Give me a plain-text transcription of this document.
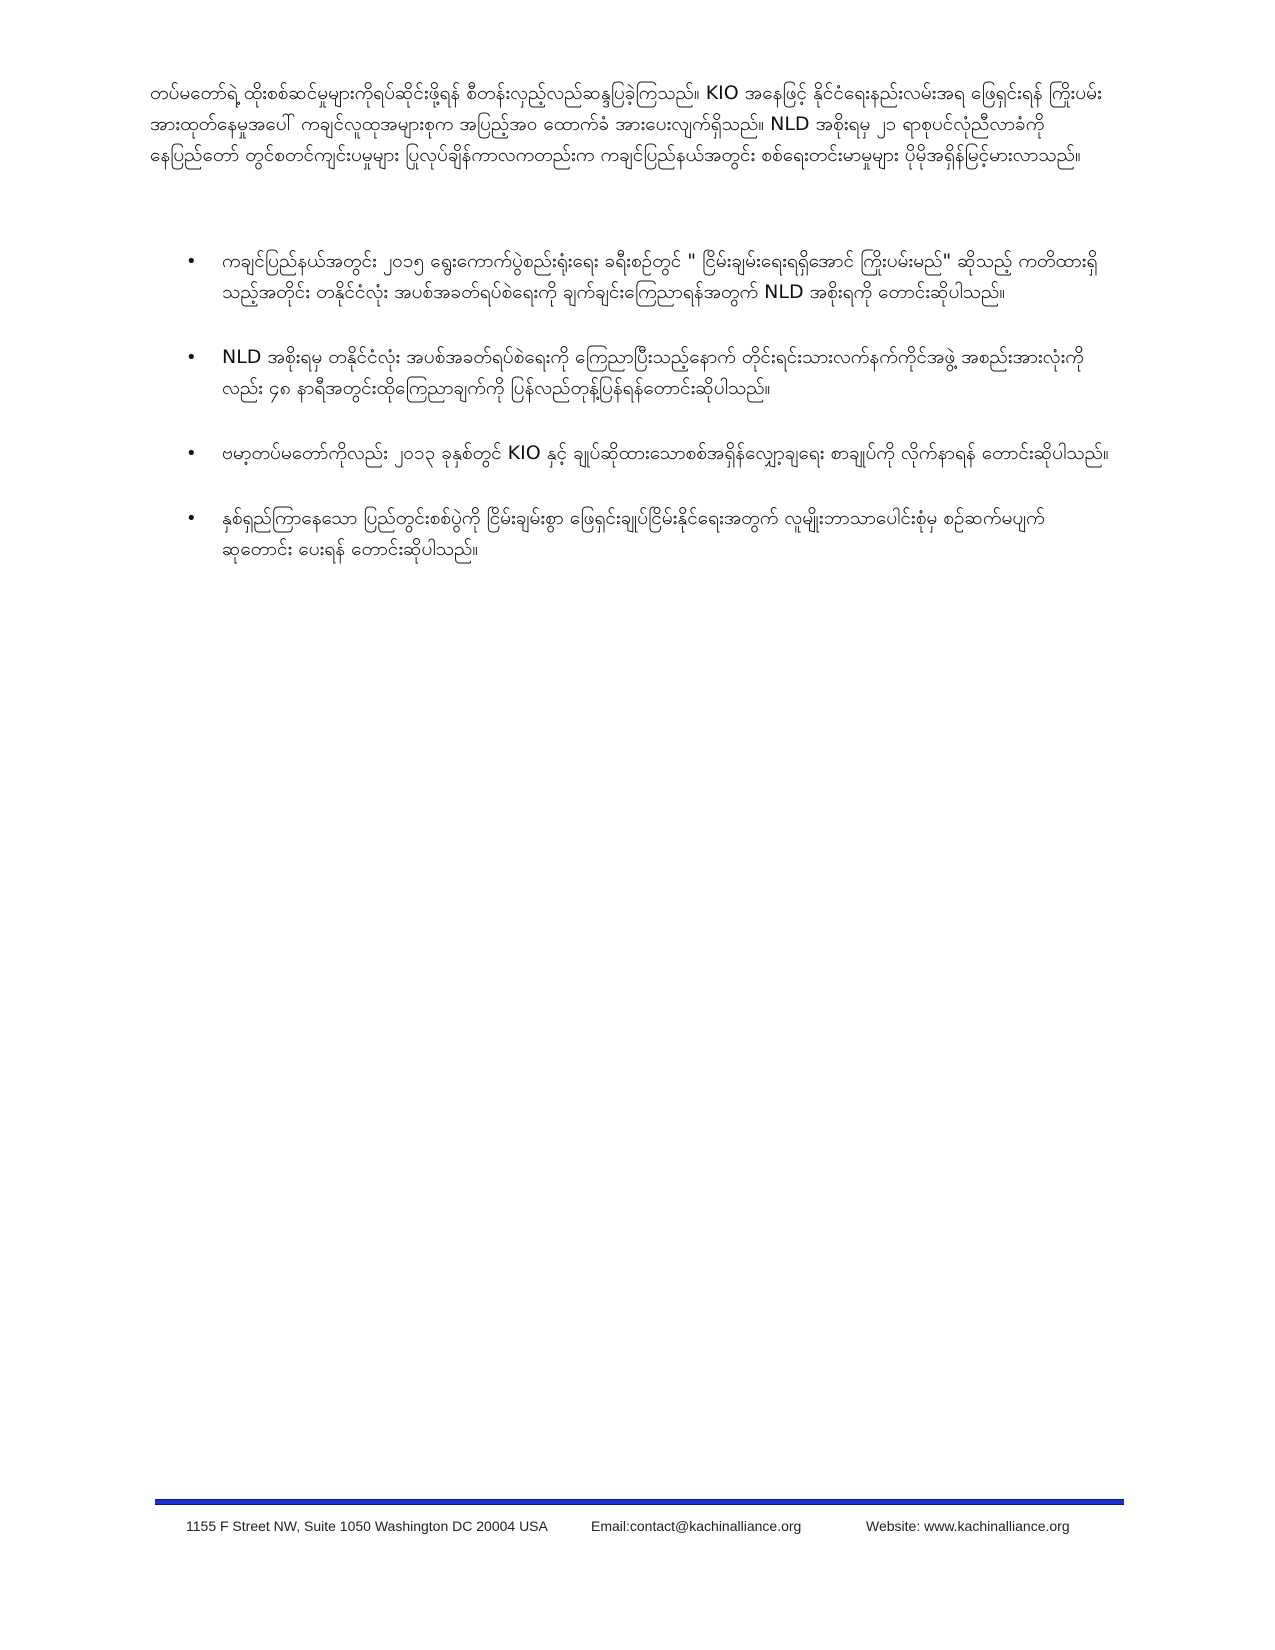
တပ်မတော်ရဲ့ ထိုးစစ်ဆင်မှုများကိုရပ်ဆိုင်းဖို့ရန် စီတန်းလှည့်လည်ဆန္ဒပြခဲ့ကြသည်။ KIO အနေဖြင့် နိုင်ငံရေးနည်းလမ်းအရ ဖြေရှင်းရန် ကြိုးပမ်းအားထုတ်နေမှုအပေါ် ကချင်လူထုအများစုက အပြည့်အဝ ထောက်ခံ အားပေးလျက်ရှိသည်။ NLD အစိုးရမှ ၂၁ ရာစုပင်လုံညီလာခံကို နေပြည်တော် တွင်စတင်ကျင်းပမှုများ ပြုလုပ်ချိန်ကာလကတည်းက ကချင်ပြည်နယ်အတွင်း စစ်ရေးတင်းမာမှုများ ပိုမိုအရှိန်မြင့်မားလာသည်။

• ကချင်ပြည်နယ်အတွင်း ၂၀၁၅ ရွေးကောက်ပွဲစည်းရုံးရေး ခရီးစဉ်တွင် " ငြိမ်းချမ်းရေးရရှိအောင် ကြိုးပမ်းမည်" ဆိုသည့် ကတိထားရှိသည့်အတိုင်း တနိုင်ငံလုံး အပစ်အခတ်ရပ်စဲရေးကို ချက်ချင်းကြေညာရန်အတွက် NLD အစိုးရကို တောင်းဆိုပါသည်။
• NLD အစိုးရမှ တနိုင်ငံလုံး အပစ်အခတ်ရပ်စဲရေးကို ကြေညာပြီးသည့်နောက် တိုင်းရင်းသားလက်နက်ကိုင်အဖွဲ့ အစည်းအားလုံးကိုလည်း ၄၈ နာရီအတွင်းထိုကြေညာချက်ကို ပြန်လည်တုန့်ပြန်ရန်တောင်းဆိုပါသည်။
• ဗမာ့တပ်မတော်ကိုလည်း ၂၀၁၃ ခုနှစ်တွင် KIO နှင့် ချုပ်ဆိုထားသောစစ်အရှိန်လျှော့ချရေး စာချုပ်ကို လိုက်နာရန် တောင်းဆိုပါသည်။
• နှစ်ရှည်ကြာနေသော ပြည်တွင်းစစ်ပွဲကို ငြိမ်းချမ်းစွာ ဖြေရှင်းချုပ်ငြိမ်းနိုင်ရေးအတွက် လူမျိုးဘာသာပေါင်းစုံမှ စဉ်ဆက်မပျက်ဆုတောင်း ပေးရန် တောင်းဆိုပါသည်။
1155 F Street NW, Suite 1050 Washington DC 20004 USA	Email:contact@kachinalliance.org	Website: www.kachinalliance.org
